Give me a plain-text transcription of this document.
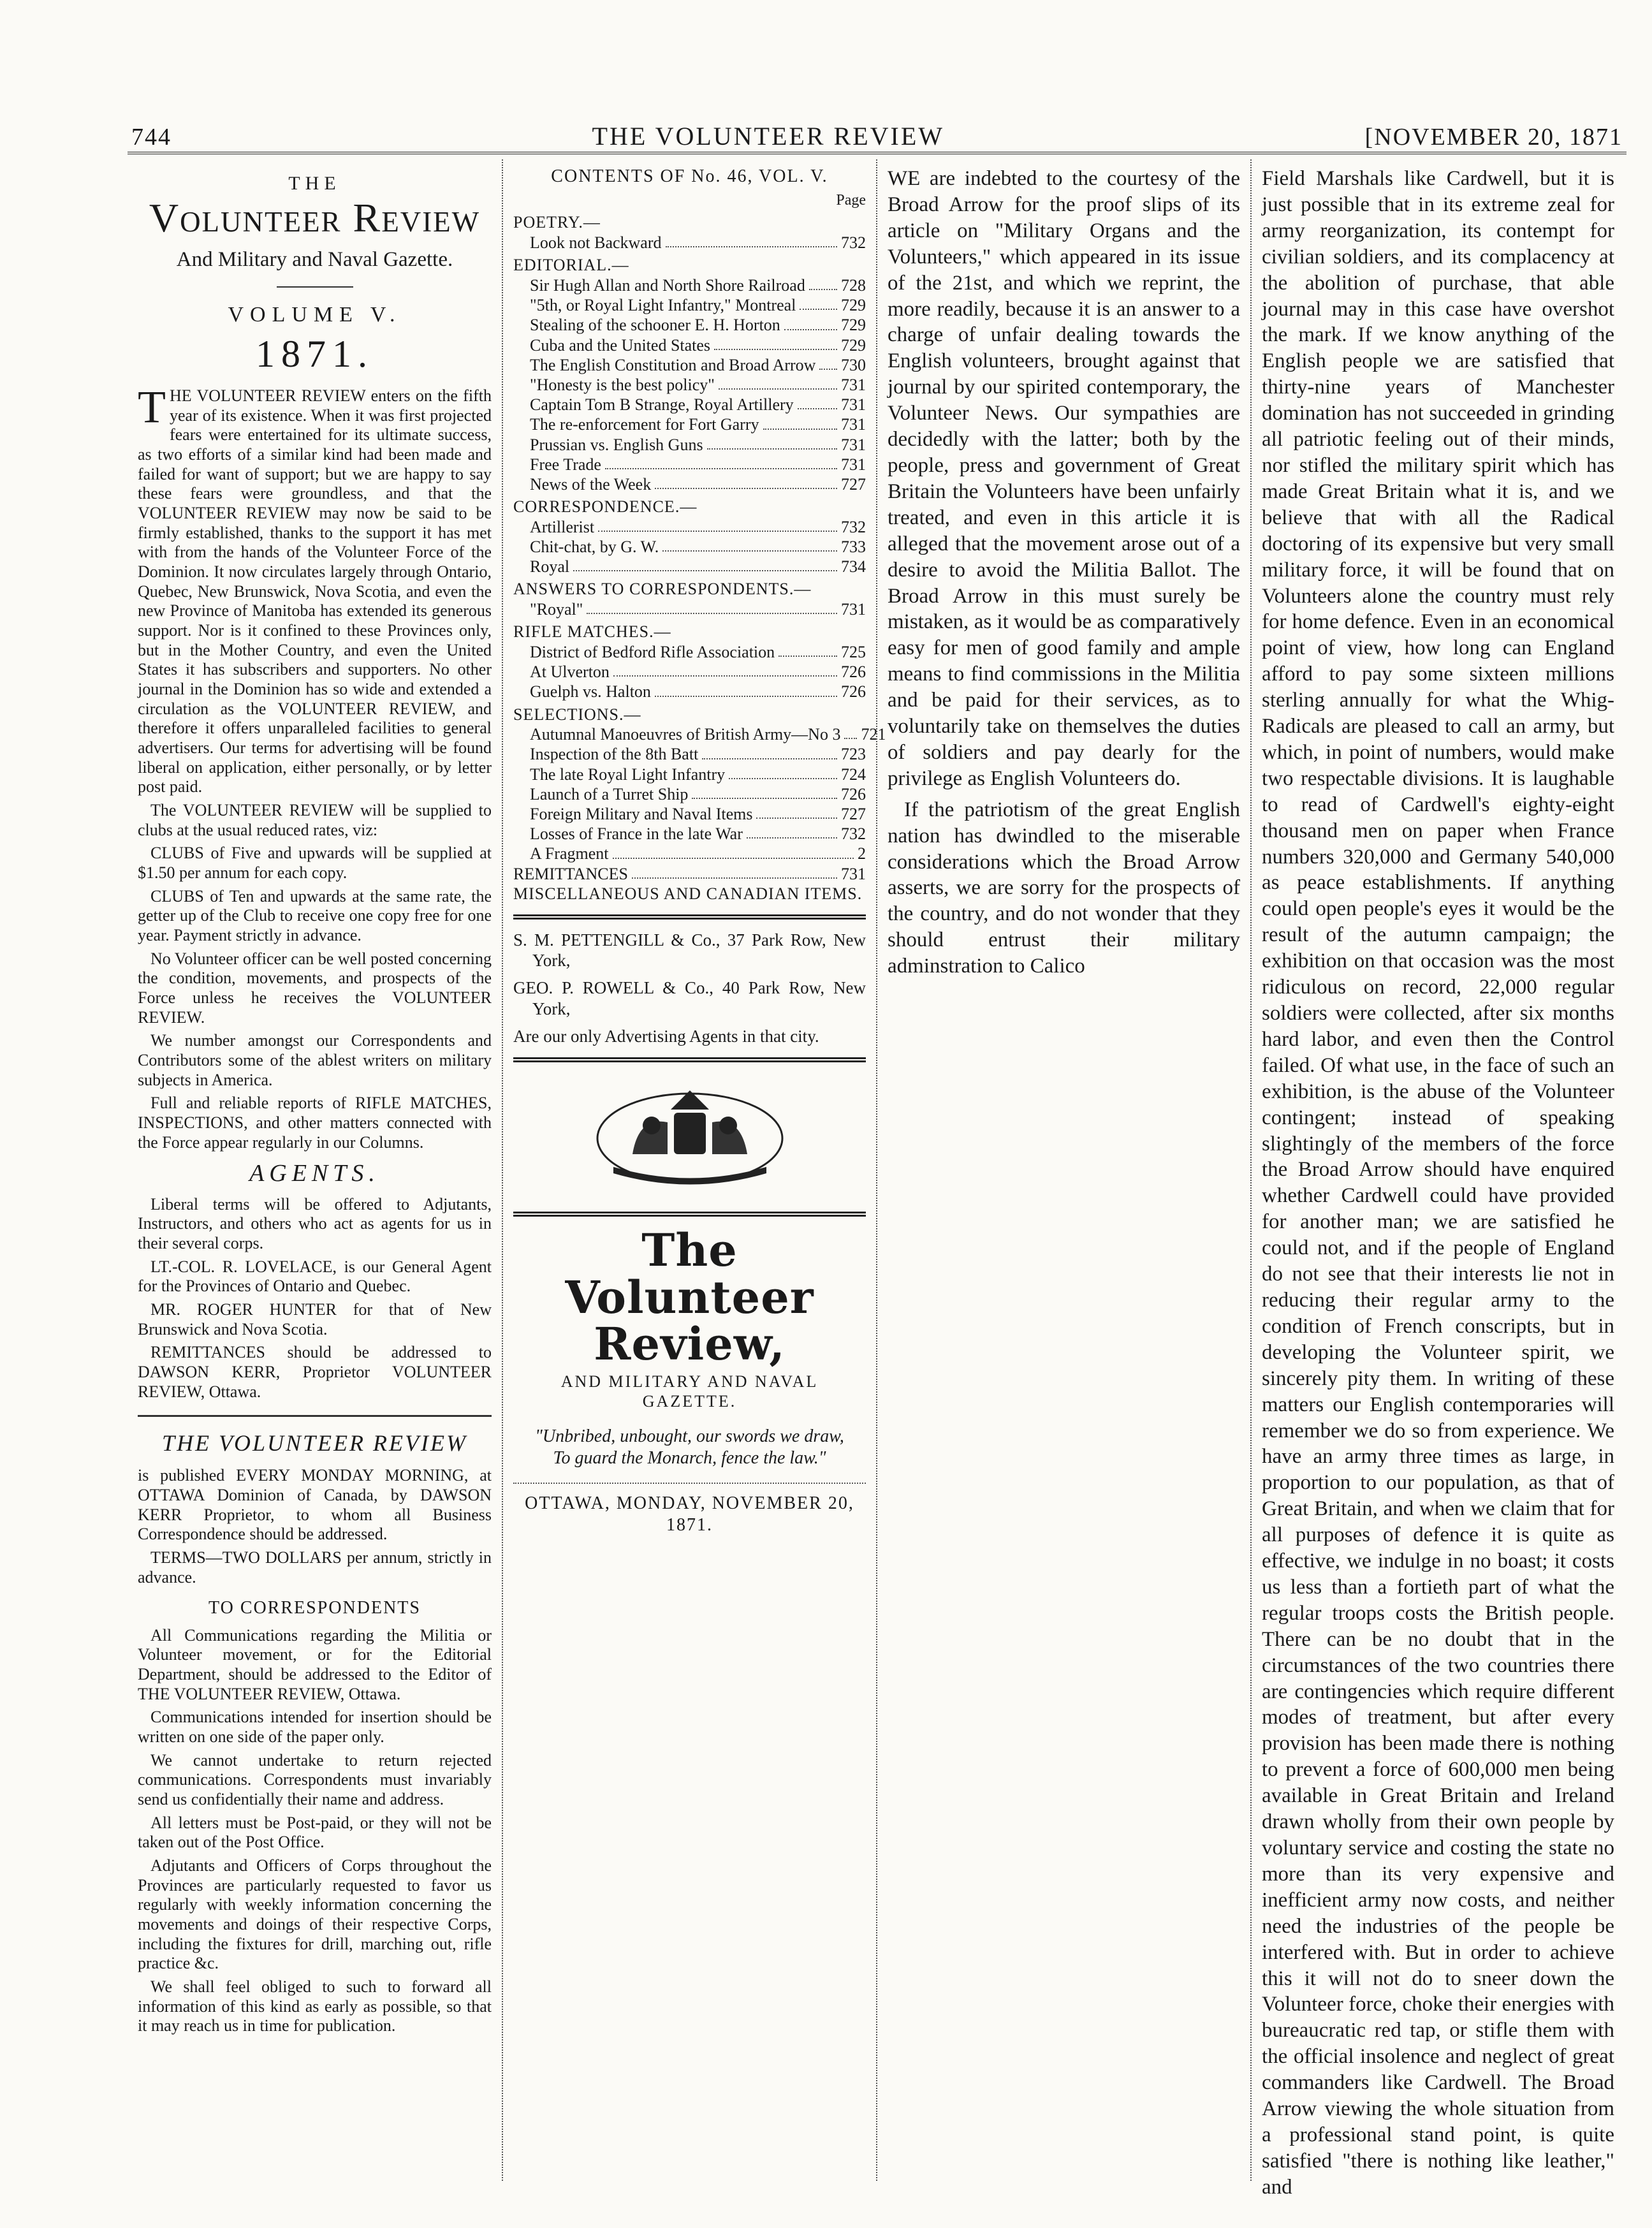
744	THE VOLUNTEER REVIEW	[NOVEMBER 20, 1871
THE
Volunteer Review
And Military and Naval Gazette.
VOLUME V.
1871.

THE VOLUNTEER REVIEW enters on the fifth year of its existence. When it was first projected fears were entertained for its ultimate success, as two efforts of a similar kind had been made and failed for want of support; but we are happy to say these fears were groundless, and that the VOLUNTEER REVIEW may now be said to be firmly established, thanks to the support it has met with from the hands of the Volunteer Force of the Dominion. It now circulates largely through Ontario, Quebec, New Brunswick, Nova Scotia, and even the new Province of Manitoba has extended its generous support. Nor is it confined to these Provinces only, but in the Mother Country, and even the United States it has subscribers and supporters. No other journal in the Dominion has so wide and extended a circulation as the VOLUNTEER REVIEW, and therefore it offers unparalleled facilities to general advertisers. Our terms for advertising will be found liberal on application, either personally, or by letter post paid.

The VOLUNTEER REVIEW will be supplied to clubs at the usual reduced rates, viz:

CLUBS of Five and upwards will be supplied at $1.50 per annum for each copy.

CLUBS of Ten and upwards at the same rate, the getter up of the Club to receive one copy free for one year. Payment strictly in advance.

No Volunteer officer can be well posted concerning the condition, movements, and prospects of the Force unless he receives the VOLUNTEER REVIEW.

We number amongst our Correspondents and Contributors some of the ablest writers on military subjects in America.

Full and reliable reports of RIFLE MATCHES, INSPECTIONS, and other matters connected with the Force appear regularly in our Columns.

AGENTS.

Liberal terms will be offered to Adjutants, Instructors, and others who act as agents for us in their several corps.

LT.-COL. R. LOVELACE, is our General Agent for the Provinces of Ontario and Quebec.

MR. ROGER HUNTER for that of New Brunswick and Nova Scotia.

REMITTANCES should be addressed to DAWSON KERR, Proprietor VOLUNTEER REVIEW, Ottawa.

THE VOLUNTEER REVIEW

is published EVERY MONDAY MORNING, at OTTAWA Dominion of Canada, by DAWSON KERR Proprietor, to whom all Business Correspondence should be addressed.

TERMS—TWO DOLLARS per annum, strictly in advance.

TO CORRESPONDENTS

All Communications regarding the Militia or Volunteer movement, or for the Editorial Department, should be addressed to the Editor of THE VOLUNTEER REVIEW, Ottawa.

Communications intended for insertion should be written on one side of the paper only.

We cannot undertake to return rejected communications. Correspondents must invariably send us confidentially their name and address.

All letters must be Post-paid, or they will not be taken out of the Post Office.

Adjutants and Officers of Corps throughout the Provinces are particularly requested to favor us regularly with weekly information concerning the movements and doings of their respective Corps, including the fixtures for drill, marching out, rifle practice &c.

We shall feel obliged to such to forward all information of this kind as early as possible, so that it may reach us in time for publication.

CONTENTS OF No. 46, VOL. V.
Page
POETRY.—
Look not Backward	732
EDITORIAL.—
Sir Hugh Allan and North Shore Railroad 728
"5th, or Royal Light Infantry," Montreal	729
Stealing of the schooner E. H. Horton	729
Cuba and the United States	729
The English Constitution and Broad Arrow 730
"Honesty is the best policy"	731
Captain Tom B Strange, Royal Artillery	731
The re-enforcement for Fort Garry	731
Prussian vs. English Guns	731
Free Trade	731
News of the Week	727
CORRESPONDENCE.—
Artillerist	732
Chit-chat, by G. W.	733
Royal	734
ANSWERS TO CORRESPONDENTS.—
"Royal"	731
RIFLE MATCHES.—
District of Bedford Rifle Association	725
At Ulverton	726
Guelph vs. Halton	726
SELECTIONS.—
Autumnal Manoeuvres of British Army—No 3 721
Inspection of the 8th Batt	723
The late Royal Light Infantry	724
Launch of a Turret Ship	726
Foreign Military and Naval Items	727
Losses of France in the late War	732
A Fragment	2
REMITTANCES	731
MISCELLANEOUS AND CANADIAN ITEMS.
S. M. PETTENGILL & Co., 37 Park Row, New York,
GEO. P. ROWELL & Co., 40 Park Row, New York,
Are our only Advertising Agents in that city.
The Volunteer Review,
AND MILITARY AND NAVAL GAZETTE.
"Unbribed, unbought, our swords we draw,
To guard the Monarch, fence the law."
OTTAWA, MONDAY, NOVEMBER 20, 1871.

WE are indebted to the courtesy of the Broad Arrow for the proof slips of its article on "Military Organs and the Volunteers," which appeared in its issue of the 21st, and which we reprint, the more readily, because it is an answer to a charge of unfair dealing towards the English volunteers, brought against that journal by our spirited contemporary, the Volunteer News. Our sympathies are decidedly with the latter; both by the people, press and government of Great Britain the Volunteers have been unfairly treated, and even in this article it is alleged that the movement arose out of a desire to avoid the Militia Ballot. The Broad Arrow in this must surely be mistaken, as it would be as comparatively easy for men of good family and ample means to find commissions in the Militia and be paid for their services, as to voluntarily take on themselves the duties of soldiers and pay dearly for the privilege as English Volunteers do.

If the patriotism of the great English nation has dwindled to the miserable considerations which the Broad Arrow asserts, we are sorry for the prospects of the country, and do not wonder that they should entrust their military adminstration to Calico

Field Marshals like Cardwell, but it is just possible that in its extreme zeal for army reorganization, its contempt for civilian soldiers, and its complacency at the abolition of purchase, that able journal may in this case have overshot the mark. If we know anything of the English people we are satisfied that thirty-nine years of Manchester domination has not succeeded in grinding all patriotic feeling out of their minds, nor stifled the military spirit which has made Great Britain what it is, and we believe that with all the Radical doctoring of its expensive but very small military force, it will be found that on Volunteers alone the country must rely for home defence. Even in an economical point of view, how long can England afford to pay some sixteen millions sterling annually for what the Whig-Radicals are pleased to call an army, but which, in point of numbers, would make two respectable divisions. It is laughable to read of Cardwell's eighty-eight thousand men on paper when France numbers 320,000 and Germany 540,000 as peace establishments. If anything could open people's eyes it would be the result of the autumn campaign; the exhibition on that occasion was the most ridiculous on record, 22,000 regular soldiers were collected, after six months hard labor, and even then the Control failed. Of what use, in the face of such an exhibition, is the abuse of the Volunteer contingent; instead of speaking slightingly of the members of the force the Broad Arrow should have enquired whether Cardwell could have provided for another man; we are satisfied he could not, and if the people of England do not see that their interests lie not in reducing their regular army to the condition of French conscripts, but in developing the Volunteer spirit, we sincerely pity them. In writing of these matters our English contemporaries will remember we do so from experience. We have an army three times as large, in proportion to our population, as that of Great Britain, and when we claim that for all purposes of defence it is quite as effective, we indulge in no boast; it costs us less than a fortieth part of what the regular troops costs the British people. There can be no doubt that in the circumstances of the two countries there are contingencies which require different modes of treatment, but after every provision has been made there is nothing to prevent a force of 600,000 men being available in Great Britain and Ireland drawn wholly from their own people by voluntary service and costing the state no more than its very expensive and inefficient army now costs, and neither need the industries of the people be interfered with. But in order to achieve this it will not do to sneer down the Volunteer force, choke their energies with bureaucratic red tap, or stifle them with the official insolence and neglect of great commanders like Cardwell. The Broad Arrow viewing the whole situation from a professional stand point, is quite satisfied "there is nothing like leather," and
